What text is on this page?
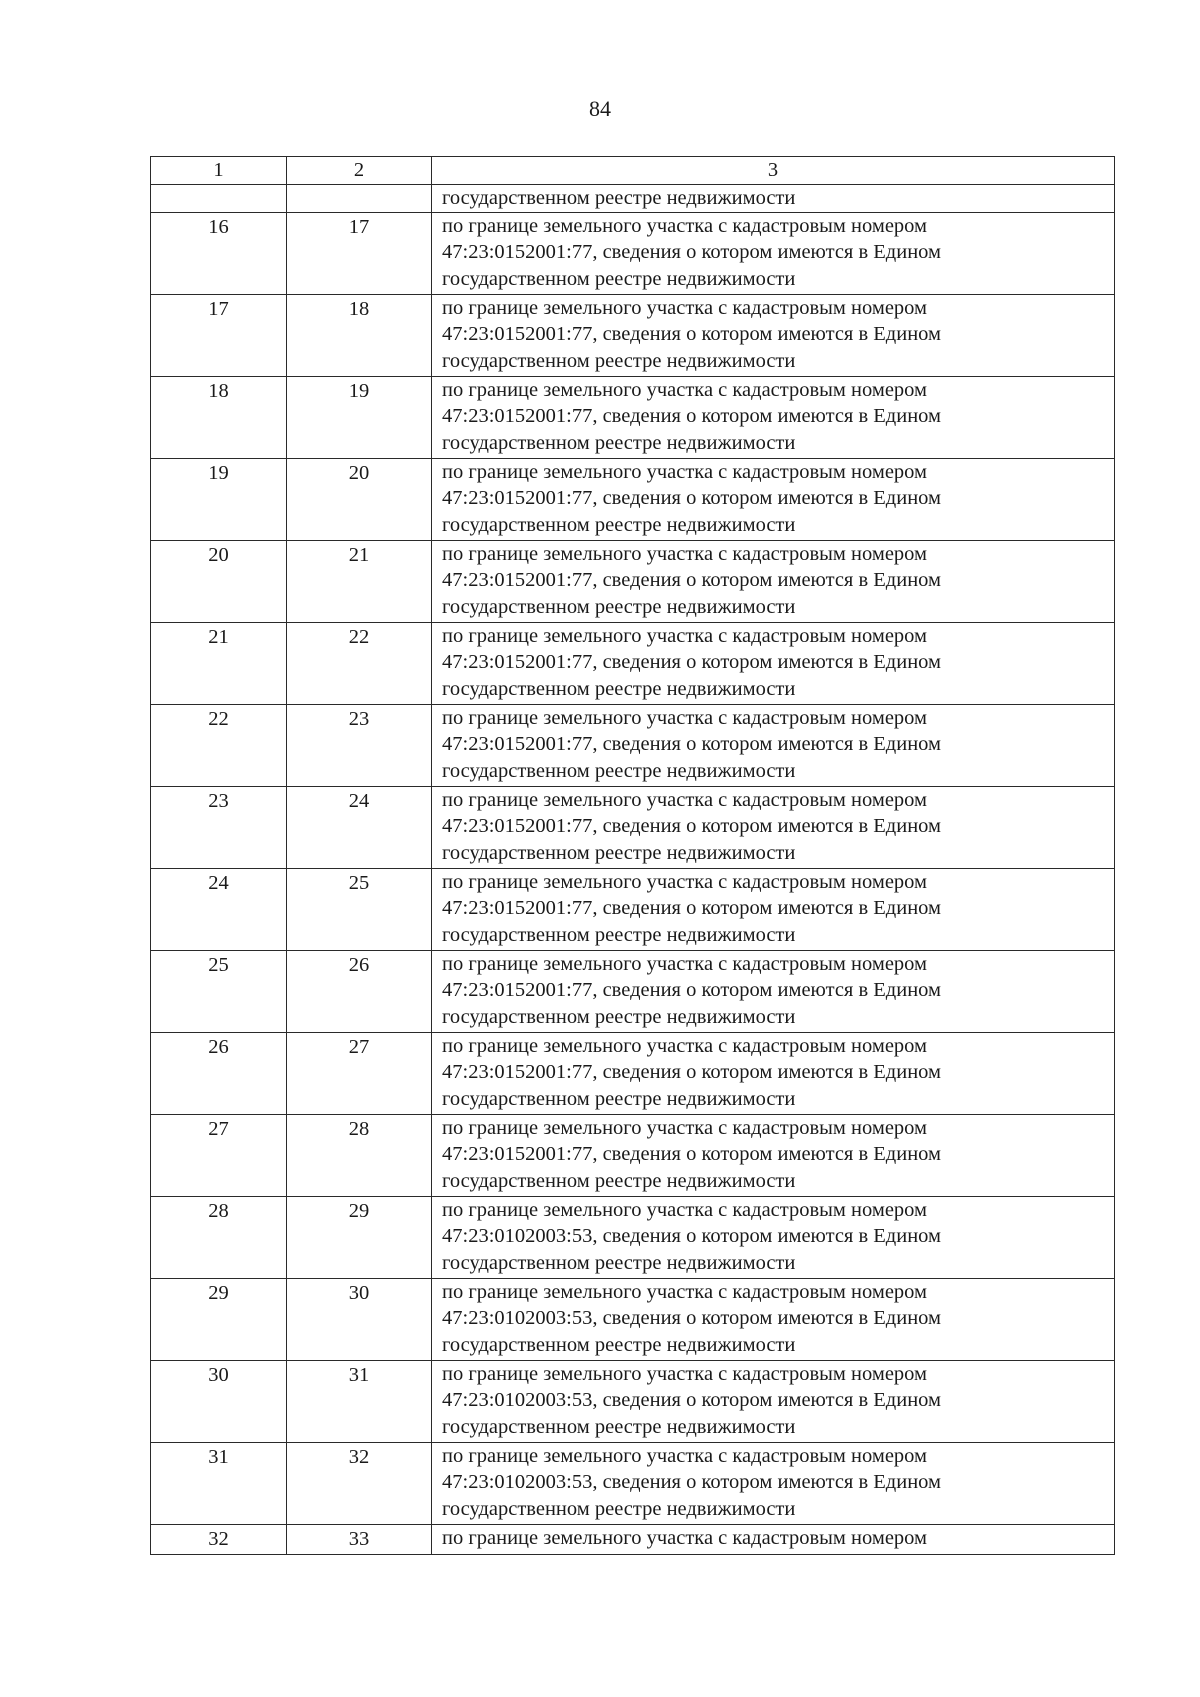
84
1	2	3
		государственном реестре недвижимости
16	17	по границе земельного участка с кадастровым номером
47:23:0152001:77, сведения о котором имеются в Едином
государственном реестре недвижимости
17	18	по границе земельного участка с кадастровым номером
47:23:0152001:77, сведения о котором имеются в Едином
государственном реестре недвижимости
18	19	по границе земельного участка с кадастровым номером
47:23:0152001:77, сведения о котором имеются в Едином
государственном реестре недвижимости
19	20	по границе земельного участка с кадастровым номером
47:23:0152001:77, сведения о котором имеются в Едином
государственном реестре недвижимости
20	21	по границе земельного участка с кадастровым номером
47:23:0152001:77, сведения о котором имеются в Едином
государственном реестре недвижимости
21	22	по границе земельного участка с кадастровым номером
47:23:0152001:77, сведения о котором имеются в Едином
государственном реестре недвижимости
22	23	по границе земельного участка с кадастровым номером
47:23:0152001:77, сведения о котором имеются в Едином
государственном реестре недвижимости
23	24	по границе земельного участка с кадастровым номером
47:23:0152001:77, сведения о котором имеются в Едином
государственном реестре недвижимости
24	25	по границе земельного участка с кадастровым номером
47:23:0152001:77, сведения о котором имеются в Едином
государственном реестре недвижимости
25	26	по границе земельного участка с кадастровым номером
47:23:0152001:77, сведения о котором имеются в Едином
государственном реестре недвижимости
26	27	по границе земельного участка с кадастровым номером
47:23:0152001:77, сведения о котором имеются в Едином
государственном реестре недвижимости
27	28	по границе земельного участка с кадастровым номером
47:23:0152001:77, сведения о котором имеются в Едином
государственном реестре недвижимости
28	29	по границе земельного участка с кадастровым номером
47:23:0102003:53, сведения о котором имеются в Едином
государственном реестре недвижимости
29	30	по границе земельного участка с кадастровым номером
47:23:0102003:53, сведения о котором имеются в Едином
государственном реестре недвижимости
30	31	по границе земельного участка с кадастровым номером
47:23:0102003:53, сведения о котором имеются в Едином
государственном реестре недвижимости
31	32	по границе земельного участка с кадастровым номером
47:23:0102003:53, сведения о котором имеются в Едином
государственном реестре недвижимости
32	33	по границе земельного участка с кадастровым номером
